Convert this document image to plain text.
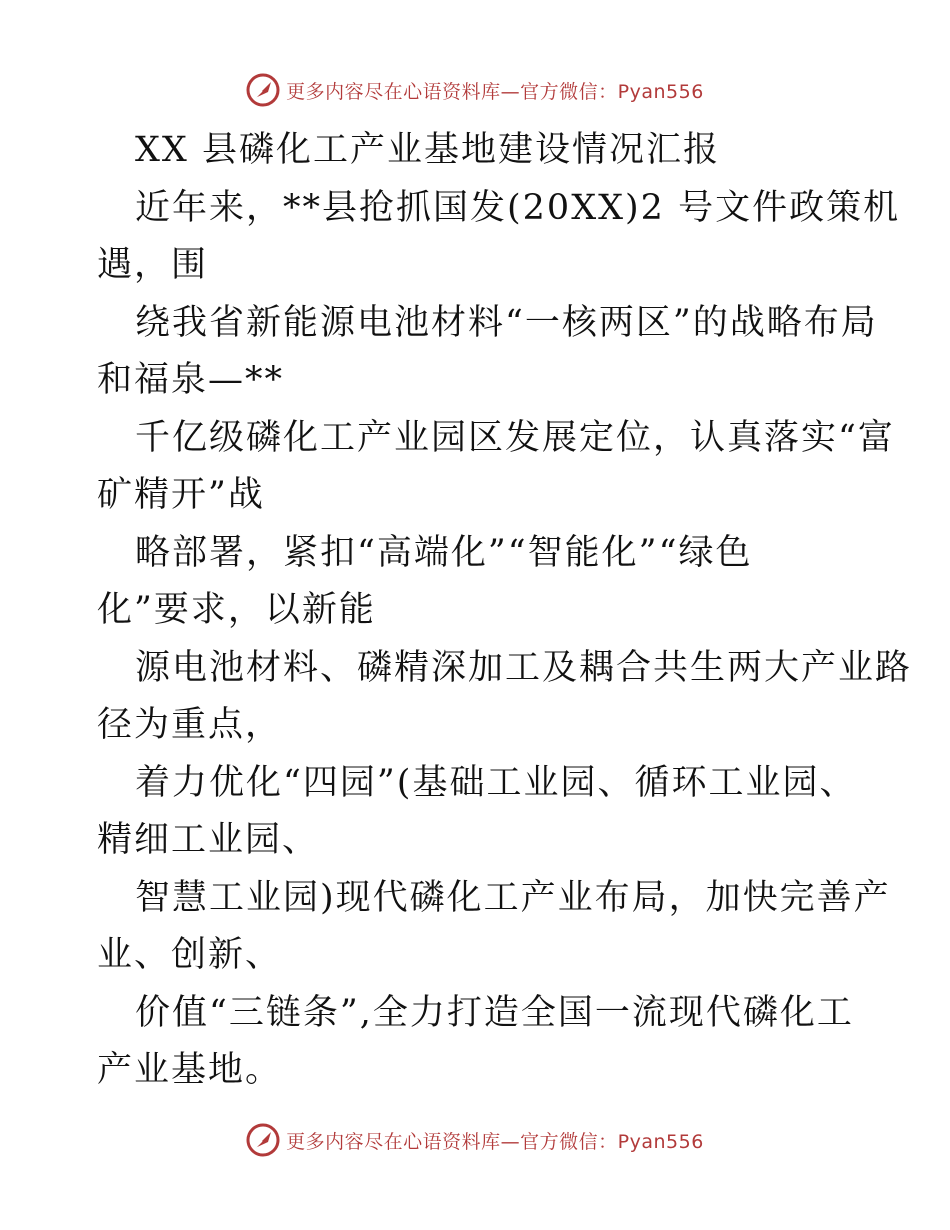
更多内容尽在心语资料库—官方微信：Pyan556
XX 县磷化工产业基地建设情况汇报
近年来，**县抢抓国发(20XX)2 号文件政策机
遇，围
绕我省新能源电池材料“一核两区”的战略布局
和福泉—**
千亿级磷化工产业园区发展定位，认真落实“富
矿精开”战
略部署，紧扣“高端化”“智能化”“绿色
化”要求，以新能
源电池材料、磷精深加工及耦合共生两大产业路
径为重点，
着力优化“四园”(基础工业园、循环工业园、
精细工业园、
智慧工业园)现代磷化工产业布局，加快完善产
业、创新、
价值“三链条”,全力打造全国一流现代磷化工
产业基地。
更多内容尽在心语资料库—官方微信：Pyan556
